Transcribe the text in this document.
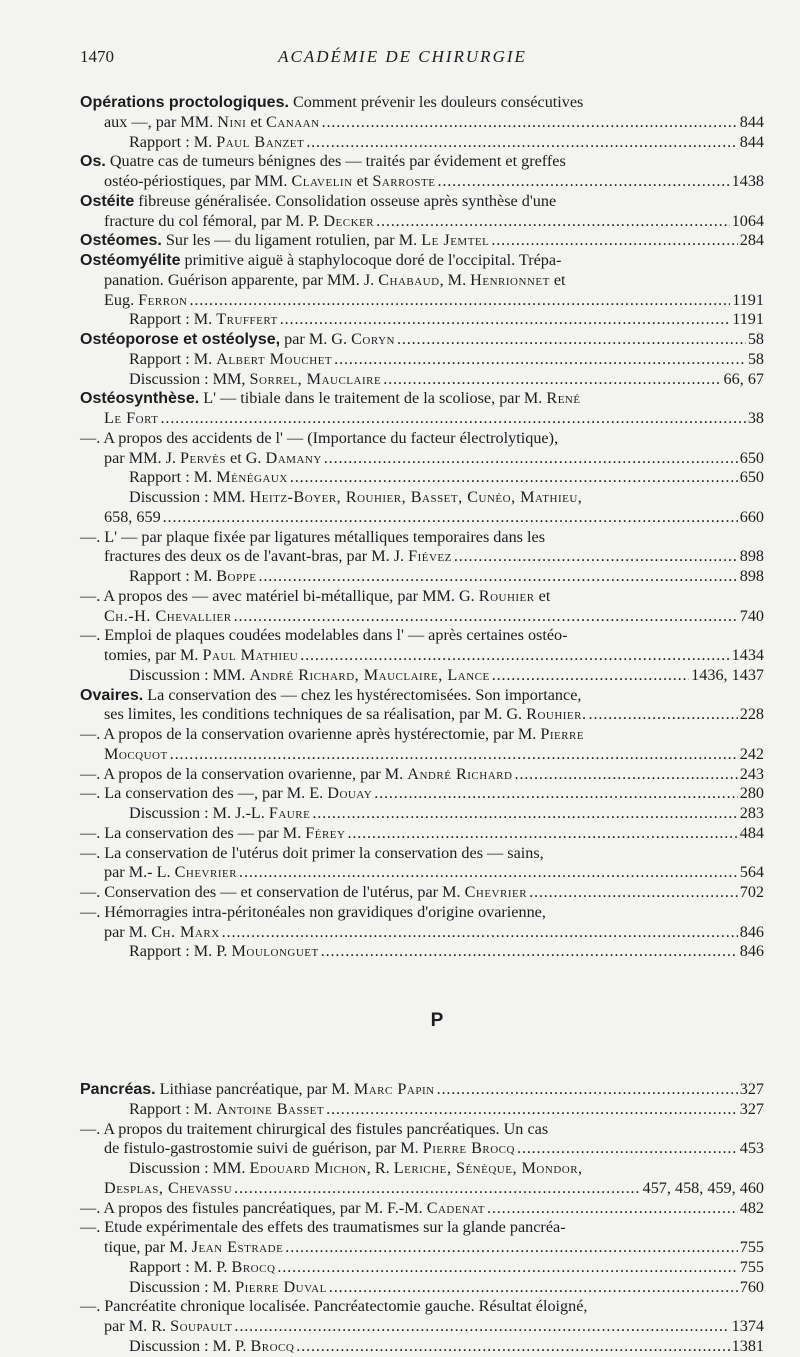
1470	ACADÉMIE DE CHIRURGIE
Opérations proctologiques. Comment prévenir les douleurs consécutives
aux —, par MM. Nini et Canaan . . .	844
Rapport : M. Paul Banzet . . .	844
Os. Quatre cas de tumeurs bénignes des — traités par évidement et greffes
ostéo-périostiques, par MM. Clavelin et Sarroste . . .	1438
Ostéite fibreuse généralisée. Consolidation osseuse après synthèse d'une
fracture du col fémoral, par M. P. Decker . . .	1064
Ostéomes. Sur les — du ligament rotulien, par M. Le Jemtel . . .	284
Ostéomyélite primitive aiguë à staphylocoque doré de l'occipital. Trépa-
panation. Guérison apparente, par MM. J. Chabaud, M. Henrionnet et
Eug. Ferron . . .	1191
Rapport : M. Truffert . . .	1191
Ostéoporose et ostéolyse, par M. G. Coryn . . .	58
Rapport : M. Albert Mouchet . . .	58
Discussion : MM, Sorrel, Mauclaire . . .	66, 67
Ostéosynthèse. L' — tibiale dans le traitement de la scoliose, par M. René
Le Fort . . .	38
—. A propos des accidents de l' — (Importance du facteur électrolytique),
par MM. J. Pervès et G. Damany . . .	650
Rapport : M. Ménégaux . . .	650
Discussion : MM. Heitz-Boyer, Rouhier, Basset, Cunéo, Mathieu,
658, 659 . . .	660
—. L' — par plaque fixée par ligatures métalliques temporaires dans les
fractures des deux os de l'avant-bras, par M. J. Fiévez . . .	898
Rapport : M. Boppe . . .	898
—. A propos des — avec matériel bi-métallique, par MM. G. Rouhier et
Ch.-H. Chevallier . . .	740
—. Emploi de plaques coudées modelables dans l' — après certaines ostéo-
tomies, par M. Paul Mathieu . . .	1434
Discussion : MM. André Richard, Mauclaire, Lance . . .	1436, 1437
Ovaires. La conservation des — chez les hystérectomisées. Son importance,
ses limites, les conditions techniques de sa réalisation, par M. G. Rouhier. . . .	228
—. A propos de la conservation ovarienne après hystérectomie, par M. Pierre
Mocquot . . .	242
—. A propos de la conservation ovarienne, par M. André Richard . . .	243
—. La conservation des —, par M. E. Douay . . .	280
Discussion : M. J.-L. Faure . . .	283
—. La conservation des — par M. Férey . . .	484
—. La conservation de l'utérus doit primer la conservation des — sains,
par M.- L. Chevrier . . .	564
—. Conservation des — et conservation de l'utérus, par M. Chevrier . . .	702
—. Hémorragies intra-péritonéales non gravidiques d'origine ovarienne,
par M. Ch. Marx . . .	846
Rapport : M. P. Moulonguet . . .	846
P
Pancréas. Lithiase pancréatique, par M. Marc Papin . . .	327
Rapport : M. Antoine Basset . . .	327
—. A propos du traitement chirurgical des fistules pancréatiques. Un cas
de fistulo-gastrostomie suivi de guérison, par M. Pierre Brocq . . .	453
Discussion : MM. Edouard Michon, R. Leriche, Sénèque, Mondor,
Desplas, Chevassu . . .	457, 458, 459, 460
—. A propos des fistules pancréatiques, par M. F.-M. Cadenat . . .	482
—. Etude expérimentale des effets des traumatismes sur la glande pancréa-
tique, par M. Jean Estrade . . .	755
Rapport : M. P. Brocq . . .	755
Discussion : M. Pierre Duval . . .	760
—. Pancréatite chronique localisée. Pancréatectomie gauche. Résultat éloigné,
par M. R. Soupault . . .	1374
Discussion : M. P. Brocq . . .	1381
